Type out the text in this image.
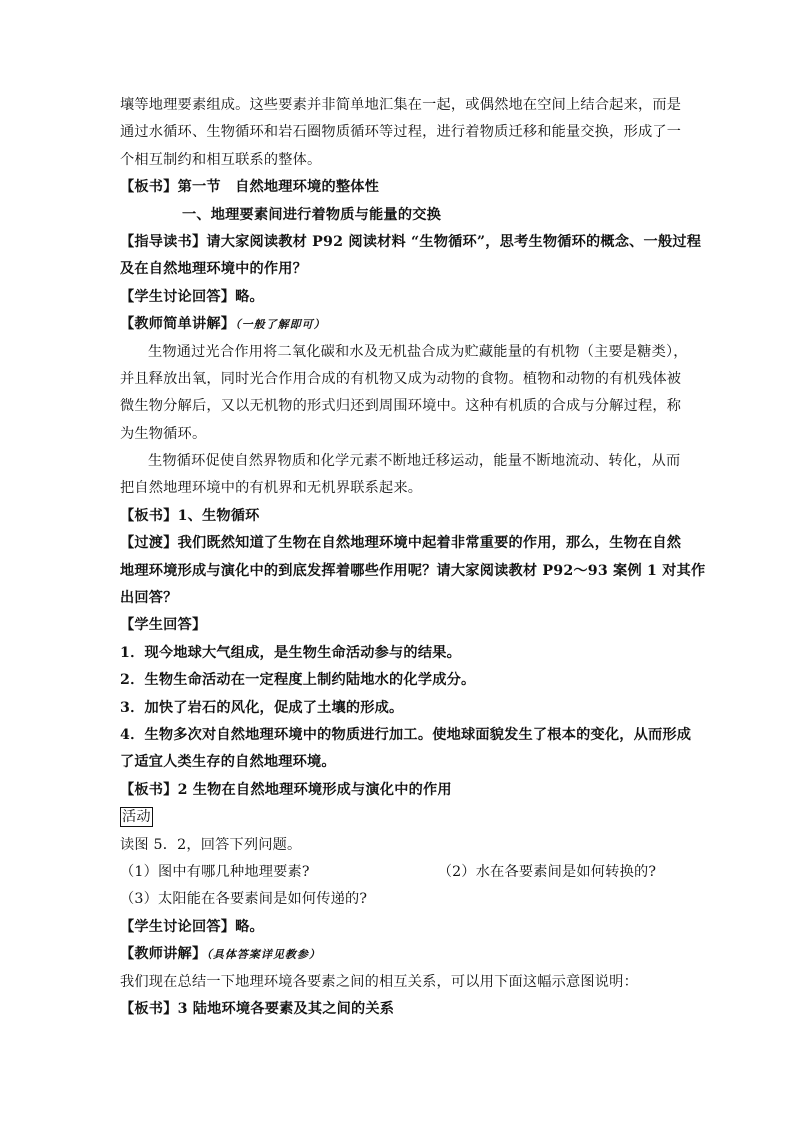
壤等地理要素组成。这些要素并非简单地汇集在一起，或偶然地在空间上结合起来，而是
通过水循环、生物循环和岩石圈物质循环等过程，进行着物质迁移和能量交换，形成了一
个相互制约和相互联系的整体。
【板书】第一节　自然地理环境的整体性
一、地理要素间进行着物质与能量的交换
【指导读书】请大家阅读教材 P92 阅读材料 “生物循环”，思考生物循环的概念、一般过程
及在自然地理环境中的作用？
【学生讨论回答】略。
【教师简单讲解】（一般了解即可）
生物通过光合作用将二氧化碳和水及无机盐合成为贮藏能量的有机物（主要是糖类），
并且释放出氧，同时光合作用合成的有机物又成为动物的食物。植物和动物的有机残体被
微生物分解后，又以无机物的形式归还到周围环境中。这种有机质的合成与分解过程，称
为生物循环。
生物循环促使自然界物质和化学元素不断地迁移运动，能量不断地流动、转化，从而
把自然地理环境中的有机界和无机界联系起来。
【板书】1、生物循环
【过渡】我们既然知道了生物在自然地理环境中起着非常重要的作用，那么，生物在自然
地理环境形成与演化中的到底发挥着哪些作用呢？请大家阅读教材 P92～93 案例 1 对其作
出回答？
【学生回答】
1．现今地球大气组成，是生物生命活动参与的结果。
2．生物生命活动在一定程度上制约陆地水的化学成分。
3．加快了岩石的风化，促成了土壤的形成。
4．生物多次对自然地理环境中的物质进行加工。使地球面貌发生了根本的变化，从而形成
了适宜人类生存的自然地理环境。
【板书】2 生物在自然地理环境形成与演化中的作用
活动
读图 5．2，回答下列问题。
（1）图中有哪几种地理要素?	（2）水在各要素间是如何转换的?
（3）太阳能在各要素间是如何传递的?
【学生讨论回答】略。
【教师讲解】（具体答案详见教参）
我们现在总结一下地理环境各要素之间的相互关系，可以用下面这幅示意图说明：
【板书】3 陆地环境各要素及其之间的关系
